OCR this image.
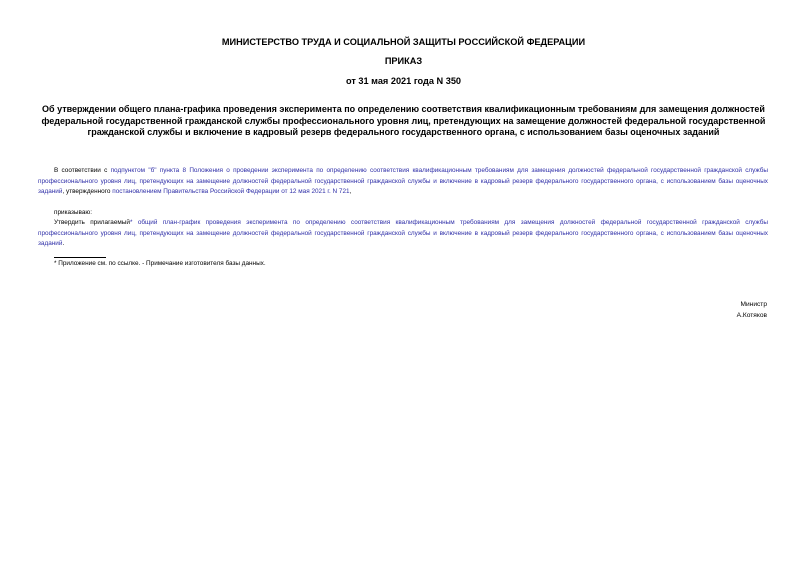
МИНИСТЕРСТВО ТРУДА И СОЦИАЛЬНОЙ ЗАЩИТЫ РОССИЙСКОЙ ФЕДЕРАЦИИ
ПРИКАЗ
от 31 мая 2021 года N 350
Об утверждении общего плана-графика проведения эксперимента по определению соответствия квалификационным требованиям для замещения должностей федеральной государственной гражданской службы профессионального уровня лиц, претендующих на замещение должностей федеральной государственной гражданской службы и включение в кадровый резерв федерального государственного органа, с использованием базы оценочных заданий
В соответствии с подпунктом "б" пункта 8 Положения о проведении эксперимента по определению соответствия квалификационным требованиям для замещения должностей федеральной государственной гражданской службы профессионального уровня лиц, претендующих на замещение должностей федеральной государственной гражданской службы и включение в кадровый резерв федерального государственного органа, с использованием базы оценочных заданий, утвержденного постановлением Правительства Российской Федерации от 12 мая 2021 г. N 721,
приказываю:
Утвердить прилагаемый* общий план-график проведения эксперимента по определению соответствия квалификационным требованиям для замещения должностей федеральной государственной гражданской службы профессионального уровня лиц, претендующих на замещение должностей федеральной государственной гражданской службы и включение в кадровый резерв федерального государственного органа, с использованием базы оценочных заданий.
* Приложение см. по ссылке. - Примечание изготовителя базы данных.
Министр
А.Котяков
